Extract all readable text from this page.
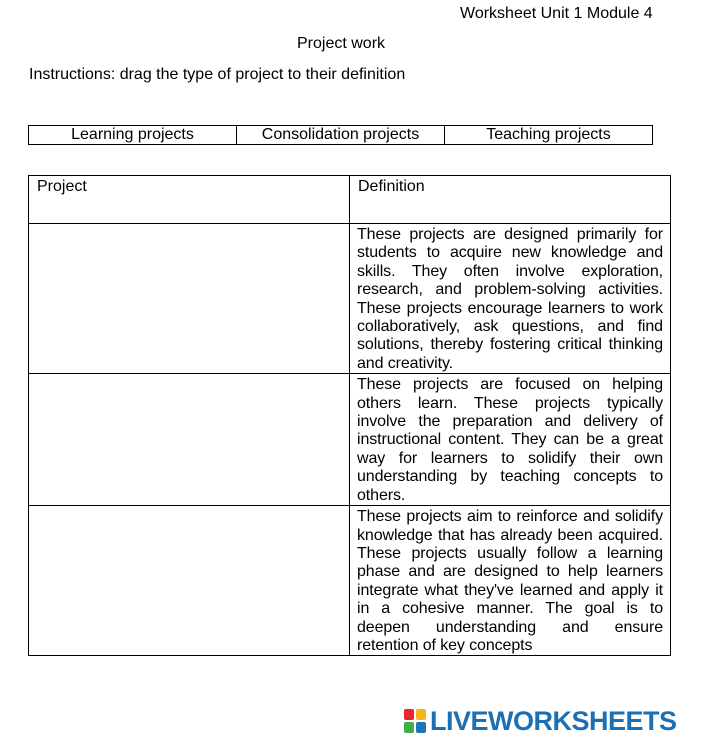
Worksheet Unit 1 Module 4
Project work
Instructions: drag the type of project to their definition
Learning projects	Consolidation projects	Teaching projects
Project	Definition
	These projects are designed primarily for students to acquire new knowledge and skills. They often involve exploration, research, and problem-solving activities. These projects encourage learners to work collaboratively, ask questions, and find solutions, thereby fostering critical thinking and creativity.
	These projects are focused on helping others learn. These projects typically involve the preparation and delivery of instructional content. They can be a great way for learners to solidify their own understanding by teaching concepts to others.
	These projects aim to reinforce and solidify knowledge that has already been acquired. These projects usually follow a learning phase and are designed to help learners integrate what they've learned and apply it in a cohesive manner. The goal is to deepen understanding and ensure retention of key concepts
LIVEWORKSHEETS
